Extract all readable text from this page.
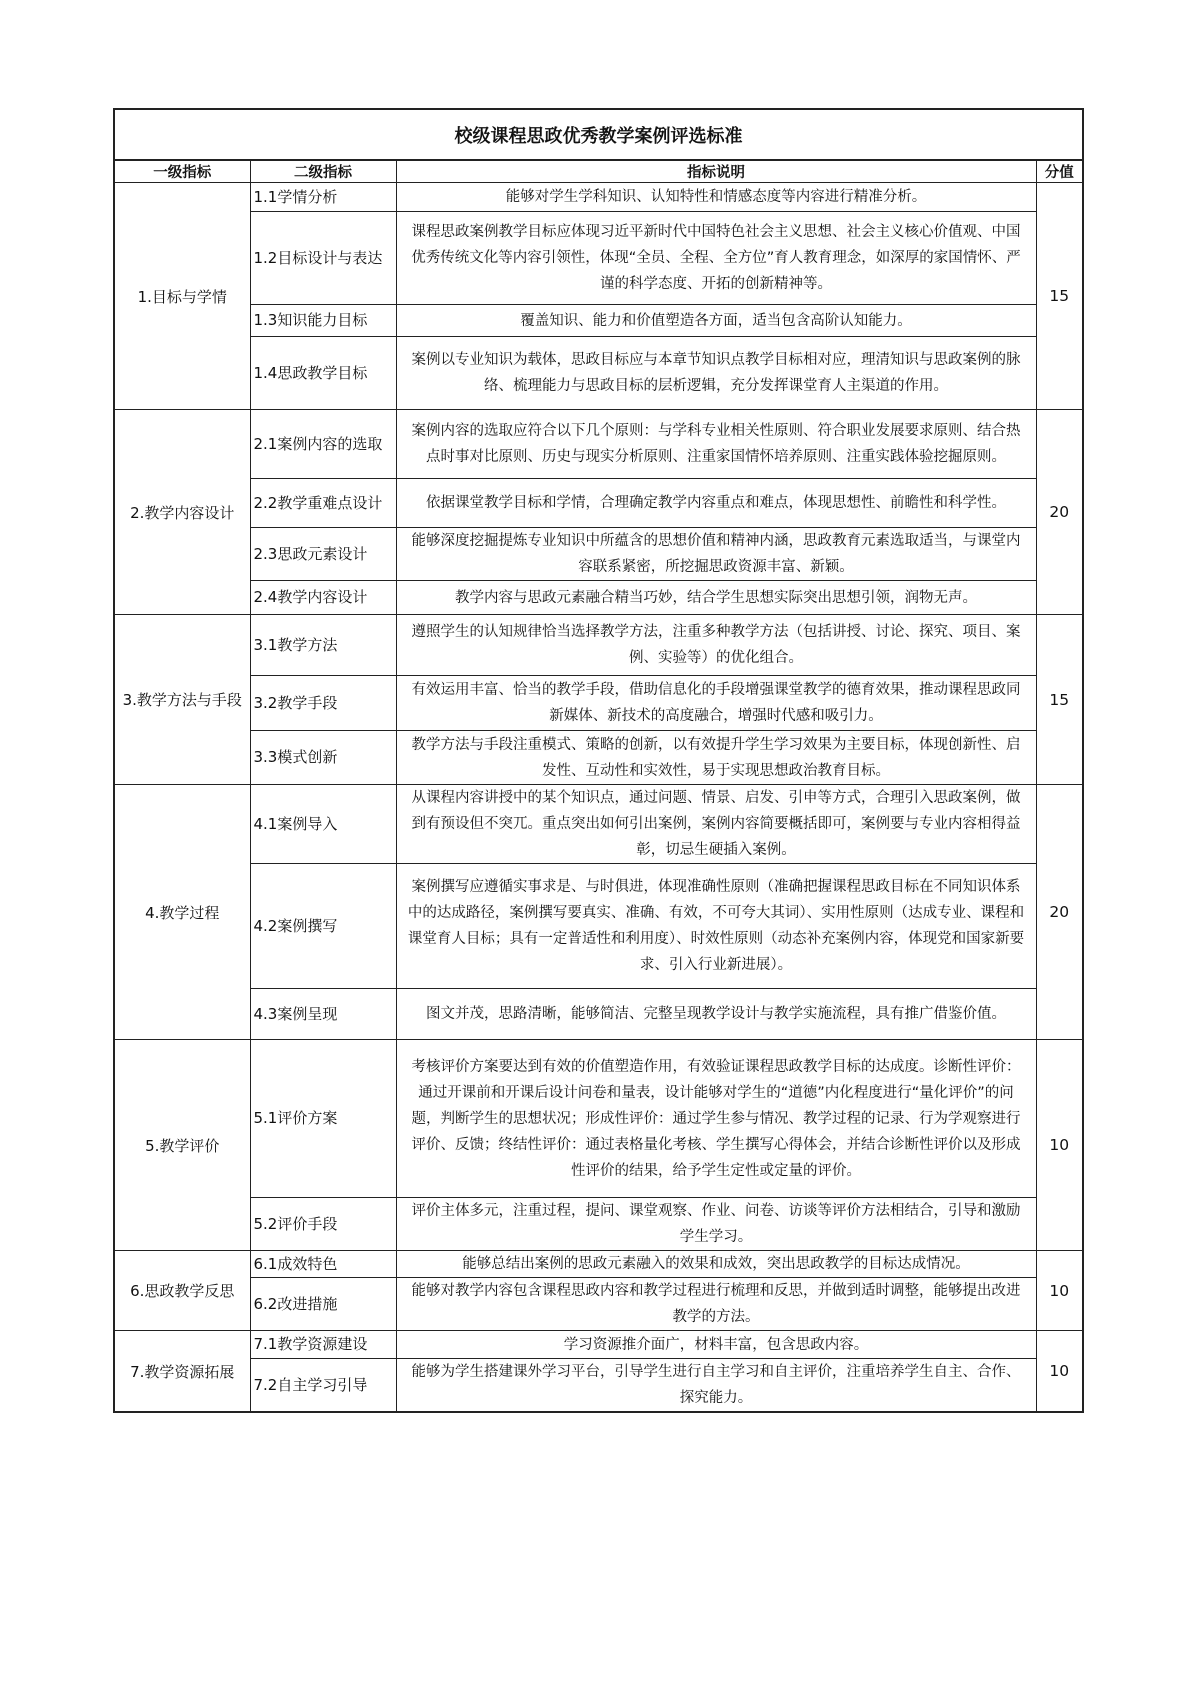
校级课程思政优秀教学案例评选标准			
一级指标	二级指标	指标说明	分值
1.目标与学情	1.1学情分析	能够对学生学科知识、认知特性和情感态度等内容进行精准分析。	15
	1.2目标设计与表达	课程思政案例教学目标应体现习近平新时代中国特色社会主义思想、社会主义核心价值观、中国优秀传统文化等内容引领性，体现“全员、全程、全方位”育人教育理念，如深厚的家国情怀、严谨的科学态度、开拓的创新精神等。	
	1.3知识能力目标	覆盖知识、能力和价值塑造各方面，适当包含高阶认知能力。	
	1.4思政教学目标	案例以专业知识为载体，思政目标应与本章节知识点教学目标相对应，理清知识与思政案例的脉络、梳理能力与思政目标的层析逻辑，充分发挥课堂育人主渠道的作用。	
2.教学内容设计	2.1案例内容的选取	案例内容的选取应符合以下几个原则：与学科专业相关性原则、符合职业发展要求原则、结合热点时事对比原则、历史与现实分析原则、注重家国情怀培养原则、注重实践体验挖掘原则。	20
	2.2教学重难点设计	依据课堂教学目标和学情，合理确定教学内容重点和难点，体现思想性、前瞻性和科学性。	
	2.3思政元素设计	能够深度挖掘提炼专业知识中所蕴含的思想价值和精神内涵，思政教育元素选取适当，与课堂内容联系紧密，所挖掘思政资源丰富、新颖。	
	2.4教学内容设计	教学内容与思政元素融合精当巧妙，结合学生思想实际突出思想引领，润物无声。	
3.教学方法与手段	3.1教学方法	遵照学生的认知规律恰当选择教学方法，注重多种教学方法（包括讲授、讨论、探究、项目、案例、实验等）的优化组合。	15
	3.2教学手段	有效运用丰富、恰当的教学手段，借助信息化的手段增强课堂教学的德育效果，推动课程思政同新媒体、新技术的高度融合，增强时代感和吸引力。	
	3.3模式创新	教学方法与手段注重模式、策略的创新，以有效提升学生学习效果为主要目标，体现创新性、启发性、互动性和实效性，易于实现思想政治教育目标。	
4.教学过程	4.1案例导入	从课程内容讲授中的某个知识点，通过问题、情景、启发、引申等方式，合理引入思政案例，做到有预设但不突兀。重点突出如何引出案例，案例内容简要概括即可，案例要与专业内容相得益彰，切忌生硬插入案例。	20
	4.2案例撰写	案例撰写应遵循实事求是、与时俱进，体现准确性原则（准确把握课程思政目标在不同知识体系中的达成路径，案例撰写要真实、准确、有效，不可夸大其词）、实用性原则（达成专业、课程和课堂育人目标；具有一定普适性和利用度）、时效性原则（动态补充案例内容，体现党和国家新要求、引入行业新进展）。	
	4.3案例呈现	图文并茂，思路清晰，能够简洁、完整呈现教学设计与教学实施流程，具有推广借鉴价值。	
5.教学评价	5.1评价方案	考核评价方案要达到有效的价值塑造作用，有效验证课程思政教学目标的达成度。诊断性评价：通过开课前和开课后设计问卷和量表，设计能够对学生的“道德”内化程度进行“量化评价”的问题，判断学生的思想状况；形成性评价：通过学生参与情况、教学过程的记录、行为学观察进行评价、反馈；终结性评价：通过表格量化考核、学生撰写心得体会，并结合诊断性评价以及形成性评价的结果，给予学生定性或定量的评价。	10
	5.2评价手段	评价主体多元，注重过程，提问、课堂观察、作业、问卷、访谈等评价方法相结合，引导和激励学生学习。	
6.思政教学反思	6.1成效特色	能够总结出案例的思政元素融入的效果和成效，突出思政教学的目标达成情况。	10
	6.2改进措施	能够对教学内容包含课程思政内容和教学过程进行梳理和反思，并做到适时调整，能够提出改进教学的方法。	
7.教学资源拓展	7.1教学资源建设	学习资源推介面广，材料丰富，包含思政内容。	10
	7.2自主学习引导	能够为学生搭建课外学习平台，引导学生进行自主学习和自主评价，注重培养学生自主、合作、探究能力。	
